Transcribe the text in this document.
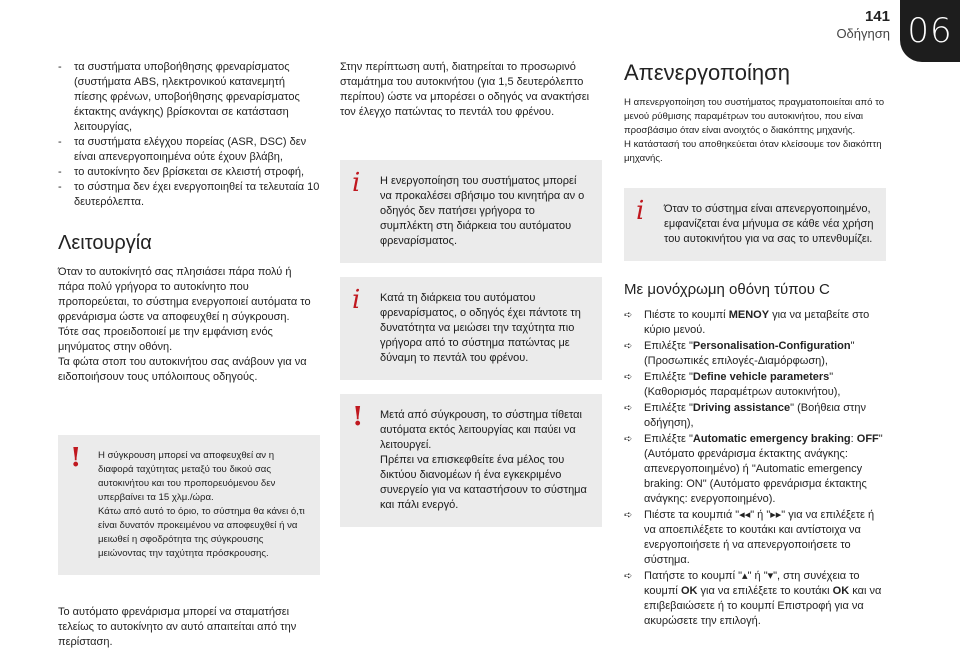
141
Οδήγηση 06
- τα συστήματα υποβοήθησης φρεναρίσματος (συστήματα ABS, ηλεκτρονικού κατανεμητή πίεσης φρένων, υποβοήθησης φρεναρίσματος έκτακτης ανάγκης) βρίσκονται σε κατάσταση λειτουργίας,
- τα συστήματα ελέγχου πορείας (ASR, DSC) δεν είναι απενεργοποιημένα ούτε έχουν βλάβη,
- το αυτοκίνητο δεν βρίσκεται σε κλειστή στροφή,
- το σύστημα δεν έχει ενεργοποιηθεί τα τελευταία 10 δευτερόλεπτα.
Λειτουργία

Όταν το αυτοκίνητό σας πλησιάσει πάρα πολύ ή πάρα πολύ γρήγορα το αυτοκίνητο που προπορεύεται, το σύστημα ενεργοποιεί αυτόματα το φρενάρισμα ώστε να αποφευχθεί η σύγκρουση.

Τότε σας προειδοποιεί με την εμφάνιση ενός μηνύματος στην οθόνη.

Τα φώτα στοπ του αυτοκινήτου σας ανάβουν για να ειδοποιήσουν τους υπόλοιπους οδηγούς.

! Η σύγκρουση μπορεί να αποφευχθεί αν η διαφορά ταχύτητας μεταξύ του δικού σας αυτοκινήτου και του προπορευόμενου δεν υπερβαίνει τα 15 χλμ./ώρα.

Κάτω από αυτό το όριο, το σύστημα θα κάνει ό,τι είναι δυνατόν προκειμένου να αποφευχθεί ή να μειωθεί η σφοδρότητα της σύγκρουσης μειώνοντας την ταχύτητα πρόσκρουσης.

Το αυτόματο φρενάρισμα μπορεί να σταματήσει τελείως το αυτοκίνητο αν αυτό απαιτείται από την περίσταση.

Στην περίπτωση αυτή, διατηρείται το προσωρινό σταμάτημα του αυτοκινήτου (για 1,5 δευτερόλεπτο περίπου) ώστε να μπορέσει ο οδηγός να ανακτήσει τον έλεγχο πατώντας το πεντάλ του φρένου.

i Η ενεργοποίηση του συστήματος μπορεί να προκαλέσει σβήσιμο του κινητήρα αν ο οδηγός δεν πατήσει γρήγορα το συμπλέκτη στη διάρκεια του αυτόματου φρεναρίσματος.

i Κατά τη διάρκεια του αυτόματου φρεναρίσματος, ο οδηγός έχει πάντοτε τη δυνατότητα να μειώσει την ταχύτητα πιο γρήγορα από το σύστημα πατώντας με δύναμη το πεντάλ του φρένου.

! Μετά από σύγκρουση, το σύστημα τίθεται αυτόματα εκτός λειτουργίας και παύει να λειτουργεί.

Πρέπει να επισκεφθείτε ένα μέλος του δικτύου διανομέων ή ένα εγκεκριμένο συνεργείο για να καταστήσουν το σύστημα και πάλι ενεργό.

Απενεργοποίηση

Η απενεργοποίηση του συστήματος πραγματοποιείται από το μενού ρύθμισης παραμέτρων του αυτοκινήτου, που είναι προσβάσιμο όταν είναι ανοιχτός ο διακόπτης μηχανής.

Η κατάστασή του αποθηκεύεται όταν κλείσουμε τον διακόπτη μηχανής.

i Όταν το σύστημα είναι απενεργοποιημένο, εμφανίζεται ένα μήνυμα σε κάθε νέα χρήση του αυτοκινήτου για να σας το υπενθυμίζει.

Με μονόχρωμη οθόνη τύπου C
➪ Πιέστε το κουμπί MENOY για να μεταβείτε στο κύριο μενού.
➪ Επιλέξτε "Personalisation-Configuration" (Προσωπικές επιλογές-Διαμόρφωση),
➪ Επιλέξτε "Define vehicle parameters" (Καθορισμός παραμέτρων αυτοκινήτου),
➪ Επιλέξτε "Driving assistance" (Βοήθεια στην οδήγηση),
➪ Επιλέξτε "Automatic emergency braking: OFF" (Αυτόματο φρενάρισμα έκτακτης ανάγκης: απενεργοποιημένο) ή "Automatic emergency braking: ON" (Αυτόματο φρενάρισμα έκτακτης ανάγκης: ενεργοποιημένο).
➪ Πιέστε τα κουμπιά "◂◂" ή "▸▸" για να επιλέξετε ή να αποεπιλέξετε το κουτάκι και αντίστοιχα να ενεργοποιήσετε ή να απενεργοποιήσετε το σύστημα.
➪ Πατήστε το κουμπί "▴" ή "▾", στη συνέχεια το κουμπί OK για να επιλέξετε το κουτάκι OK και να επιβεβαιώσετε ή το κουμπί Επιστροφή για να ακυρώσετε την επιλογή.
